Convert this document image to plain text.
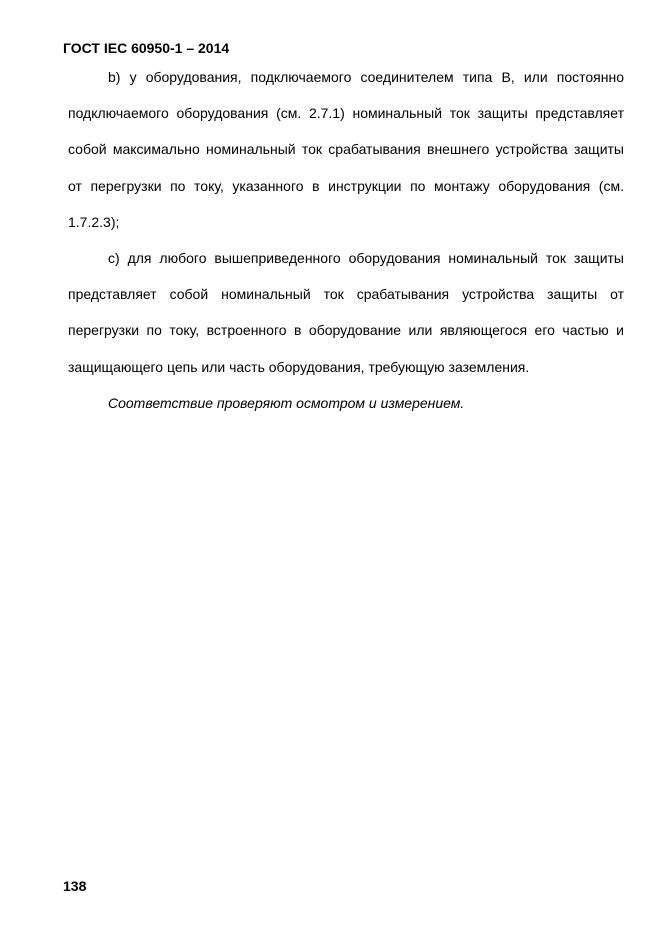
ГОСТ IEC 60950-1 – 2014

b) у оборудования, подключаемого соединителем типа В, или постоянно подключаемого оборудования (см. 2.7.1) номинальный ток защиты представляет собой максимально номинальный ток срабатывания внешнего устройства защиты от перегрузки по току, указанного в инструкции по монтажу оборудования (см. 1.7.2.3);

c) для любого вышеприведенного оборудования номинальный ток защиты представляет собой номинальный ток срабатывания устройства защиты от перегрузки по току, встроенного в оборудование или являющегося его частью и защищающего цепь или часть оборудования, требующую заземления.

Соответствие проверяют осмотром и измерением.

138
